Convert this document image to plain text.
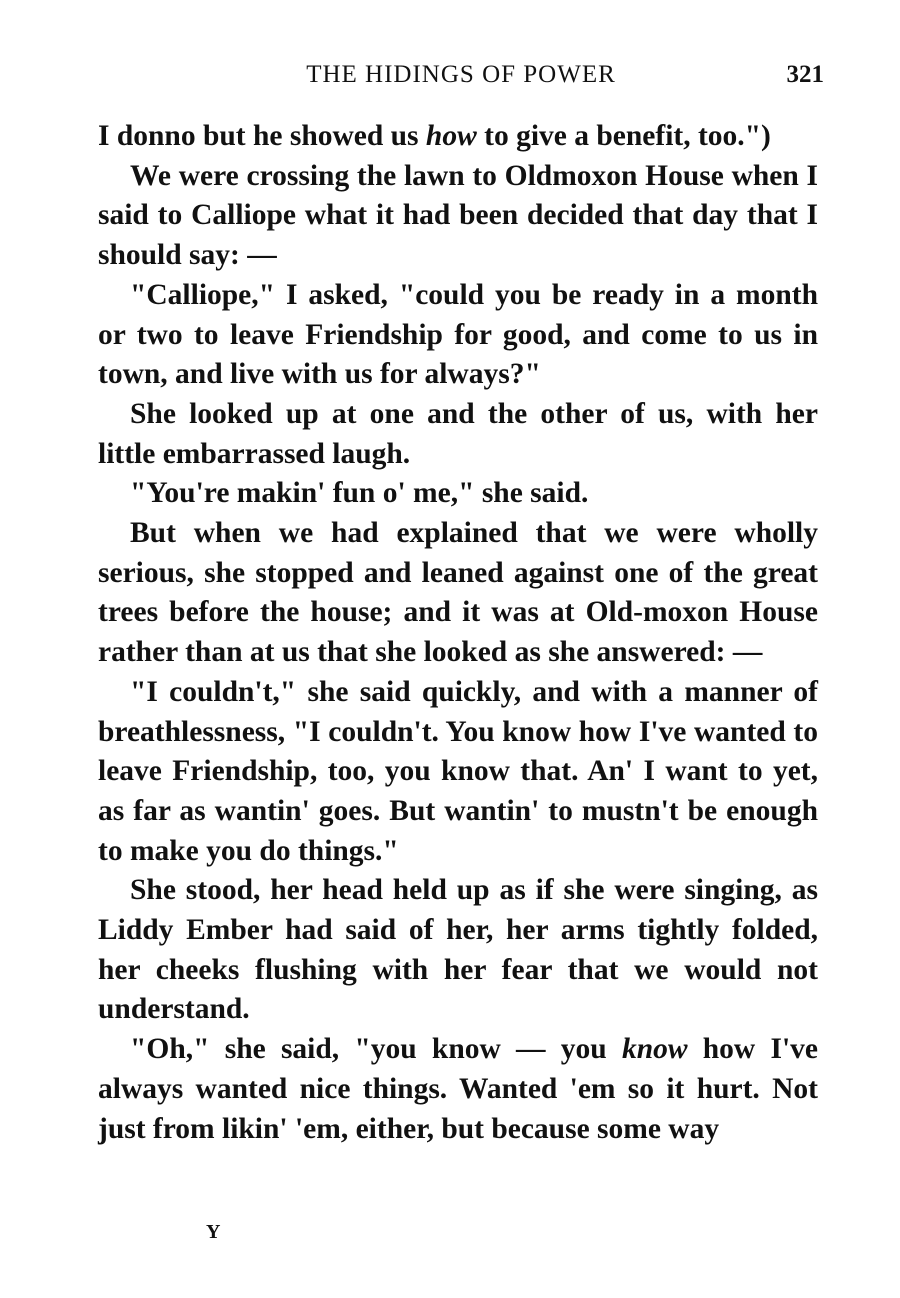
THE HIDINGS OF POWER	321

I donno but he showed us how to give a benefit, too.")

We were crossing the lawn to Oldmoxon House when I said to Calliope what it had been decided that day that I should say: —

"Calliope," I asked, "could you be ready in a month or two to leave Friendship for good, and come to us in town, and live with us for always?"

She looked up at one and the other of us, with her little embarrassed laugh.

"You're makin' fun o' me," she said.

But when we had explained that we were wholly serious, she stopped and leaned against one of the great trees before the house; and it was at Old-moxon House rather than at us that she looked as she answered: —

"I couldn't," she said quickly, and with a manner of breathlessness, "I couldn't. You know how I've wanted to leave Friendship, too, you know that. An' I want to yet, as far as wantin' goes. But wantin' to mustn't be enough to make you do things."

She stood, her head held up as if she were singing, as Liddy Ember had said of her, her arms tightly folded, her cheeks flushing with her fear that we would not understand.

"Oh," she said, "you know — you know how I've always wanted nice things. Wanted 'em so it hurt. Not just from likin' 'em, either, but because some way

Y
